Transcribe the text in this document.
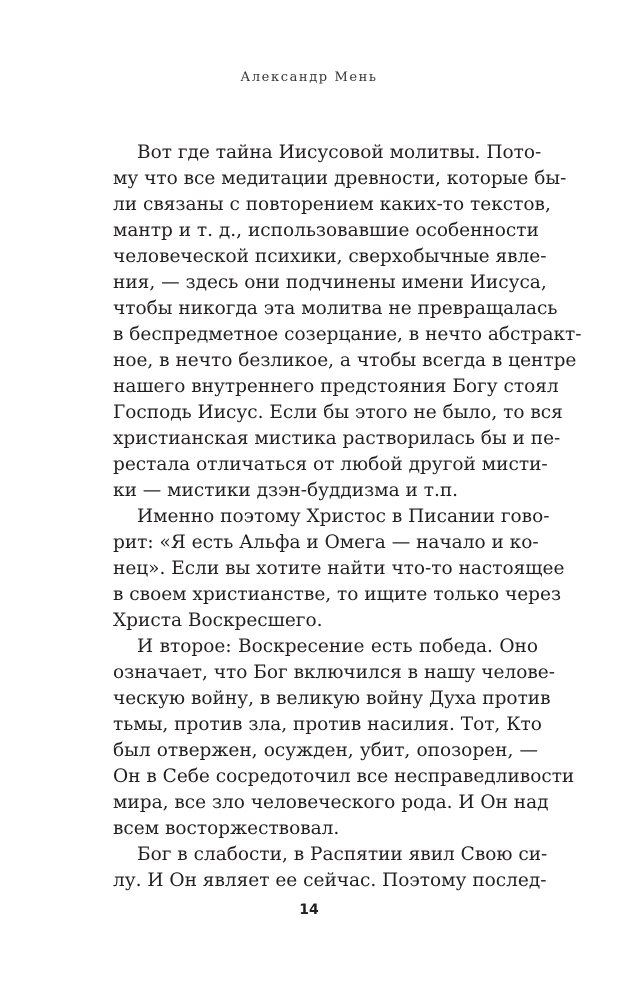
Александр Мень
Вот где тайна Иисусовой молитвы. Пото-
му что все медитации древности, которые бы-
ли связаны с повторением каких-то текстов,
мантр и т. д., использовавшие особенности
человеческой психики, сверхобычные явле-
ния, — здесь они подчинены имени Иисуса,
чтобы никогда эта молитва не превращалась
в беспредметное созерцание, в нечто абстракт-
ное, в нечто безликое, а чтобы всегда в центре
нашего внутреннего предстояния Богу стоял
Господь Иисус. Если бы этого не было, то вся
христианская мистика растворилась бы и пе-
рестала отличаться от любой другой мисти-
ки — мистики дзэн-буддизма и т.п.
Именно поэтому Христос в Писании гово-
рит: «Я есть Альфа и Омега — начало и ко-
нец». Если вы хотите найти что-то настоящее
в своем христианстве, то ищите только через
Христа Воскресшего.
И второе: Воскресение есть победа. Оно
означает, что Бог включился в нашу челове-
ческую войну, в великую войну Духа против
тьмы, против зла, против насилия. Тот, Кто
был отвержен, осужден, убит, опозорен, —
Он в Себе сосредоточил все несправедливости
мира, все зло человеческого рода. И Он над
всем восторжествовал.
Бог в слабости, в Распятии явил Свою си-
лу. И Он являет ее сейчас. Поэтому послед-
14
